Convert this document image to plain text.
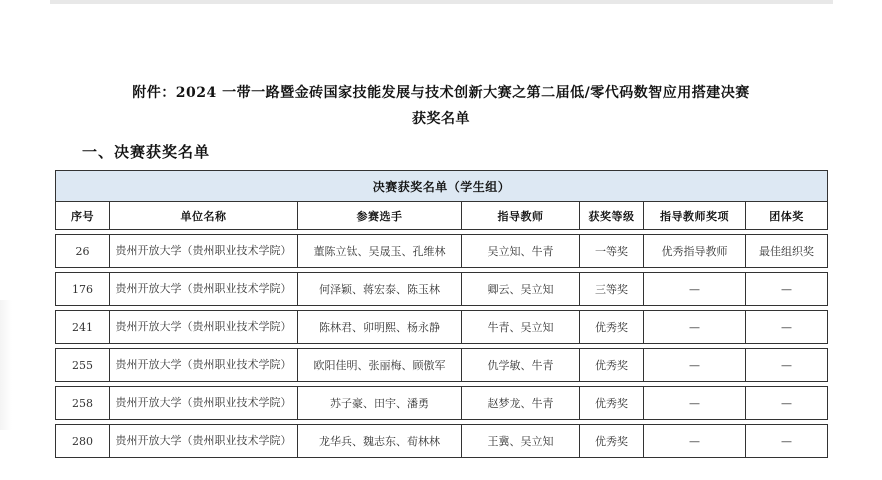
附件：2024 一带一路暨金砖国家技能发展与技术创新大赛之第二届低/零代码数智应用搭建决赛
获奖名单
一、决赛获奖名单
决赛获奖名单（学生组）						
序号	单位名称	参赛选手	指导教师	获奖等级	指导教师奖项	团体奖

26	贵州开放大学（贵州职业技术学院）	董陈立钛、吴晟玉、孔维林	吴立知、牛青	一等奖	优秀指导教师	最佳组织奖

176	贵州开放大学（贵州职业技术学院）	何泽颖、蒋宏泰、陈玉林	卿云、吴立知	三等奖	—	—

241	贵州开放大学（贵州职业技术学院）	陈林君、卯明熙、杨永静	牛青、吴立知	优秀奖	—	—

255	贵州开放大学（贵州职业技术学院）	欧阳佳明、张丽梅、顾傲军	仇学敏、牛青	优秀奖	—	—

258	贵州开放大学（贵州职业技术学院）	苏子豪、田宇、潘勇	赵梦龙、牛青	优秀奖	—	—

280	贵州开放大学（贵州职业技术学院）	龙华兵、魏志东、荀林林	王冀、吴立知	优秀奖	—	—
